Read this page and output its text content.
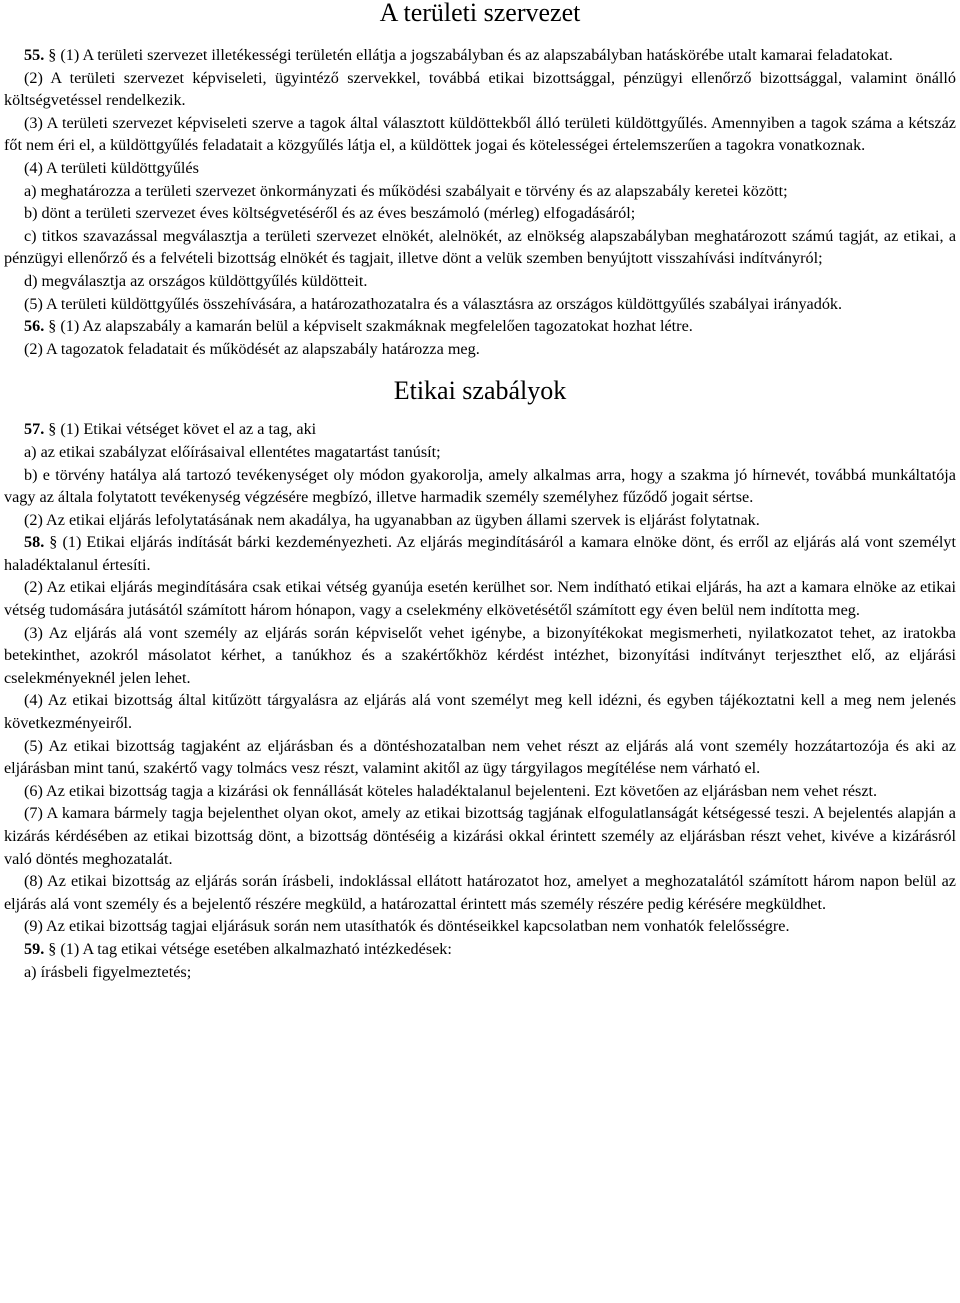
A területi szervezet

55. § (1) A területi szervezet illetékességi területén ellátja a jogszabályban és az alapszabályban hatáskörébe utalt kamarai feladatokat.

(2) A területi szervezet képviseleti, ügyintéző szervekkel, továbbá etikai bizottsággal, pénzügyi ellenőrző bizottsággal, valamint önálló költségvetéssel rendelkezik.

(3) A területi szervezet képviseleti szerve a tagok által választott küldöttekből álló területi küldöttgyűlés. Amennyiben a tagok száma a kétszáz főt nem éri el, a küldöttgyűlés feladatait a közgyűlés látja el, a küldöttek jogai és kötelességei értelemszerűen a tagokra vonatkoznak.

(4) A területi küldöttgyűlés

a) meghatározza a területi szervezet önkormányzati és működési szabályait e törvény és az alapszabály keretei között;

b) dönt a területi szervezet éves költségvetéséről és az éves beszámoló (mérleg) elfogadásáról;

c) titkos szavazással megválasztja a területi szervezet elnökét, alelnökét, az elnökség alapszabályban meghatározott számú tagját, az etikai, a pénzügyi ellenőrző és a felvételi bizottság elnökét és tagjait, illetve dönt a velük szemben benyújtott visszahívási indítványról;

d) megválasztja az országos küldöttgyűlés küldötteit.

(5) A területi küldöttgyűlés összehívására, a határozathozatalra és a választásra az országos küldöttgyűlés szabályai irányadók.

56. § (1) Az alapszabály a kamarán belül a képviselt szakmáknak megfelelően tagozatokat hozhat létre.

(2) A tagozatok feladatait és működését az alapszabály határozza meg.

Etikai szabályok

57. § (1) Etikai vétséget követ el az a tag, aki

a) az etikai szabályzat előírásaival ellentétes magatartást tanúsít;

b) e törvény hatálya alá tartozó tevékenységet oly módon gyakorolja, amely alkalmas arra, hogy a szakma jó hírnevét, továbbá munkáltatója vagy az általa folytatott tevékenység végzésére megbízó, illetve harmadik személy személyhez fűződő jogait sértse.

(2) Az etikai eljárás lefolytatásának nem akadálya, ha ugyanabban az ügyben állami szervek is eljárást folytatnak.

58. § (1) Etikai eljárás indítását bárki kezdeményezheti. Az eljárás megindításáról a kamara elnöke dönt, és erről az eljárás alá vont személyt haladéktalanul értesíti.

(2) Az etikai eljárás megindítására csak etikai vétség gyanúja esetén kerülhet sor. Nem indítható etikai eljárás, ha azt a kamara elnöke az etikai vétség tudomására jutásától számított három hónapon, vagy a cselekmény elkövetésétől számított egy éven belül nem indította meg.

(3) Az eljárás alá vont személy az eljárás során képviselőt vehet igénybe, a bizonyítékokat megismerheti, nyilatkozatot tehet, az iratokba betekinthet, azokról másolatot kérhet, a tanúkhoz és a szakértőkhöz kérdést intézhet, bizonyítási indítványt terjeszthet elő, az eljárási cselekményeknél jelen lehet.

(4) Az etikai bizottság által kitűzött tárgyalásra az eljárás alá vont személyt meg kell idézni, és egyben tájékoztatni kell a meg nem jelenés következményeiről.

(5) Az etikai bizottság tagjaként az eljárásban és a döntéshozatalban nem vehet részt az eljárás alá vont személy hozzátartozója és aki az eljárásban mint tanú, szakértő vagy tolmács vesz részt, valamint akitől az ügy tárgyilagos megítélése nem várható el.

(6) Az etikai bizottság tagja a kizárási ok fennállását köteles haladéktalanul bejelenteni. Ezt követően az eljárásban nem vehet részt.

(7) A kamara bármely tagja bejelenthet olyan okot, amely az etikai bizottság tagjának elfogulatlanságát kétségessé teszi. A bejelentés alapján a kizárás kérdésében az etikai bizottság dönt, a bizottság döntéséig a kizárási okkal érintett személy az eljárásban részt vehet, kivéve a kizárásról való döntés meghozatalát.

(8) Az etikai bizottság az eljárás során írásbeli, indoklással ellátott határozatot hoz, amelyet a meghozatalától számított három napon belül az eljárás alá vont személy és a bejelentő részére megküld, a határozattal érintett más személy részére pedig kérésére megküldhet.

(9) Az etikai bizottság tagjai eljárásuk során nem utasíthatók és döntéseikkel kapcsolatban nem vonhatók felelősségre.

59. § (1) A tag etikai vétsége esetében alkalmazható intézkedések:

a) írásbeli figyelmeztetés;
